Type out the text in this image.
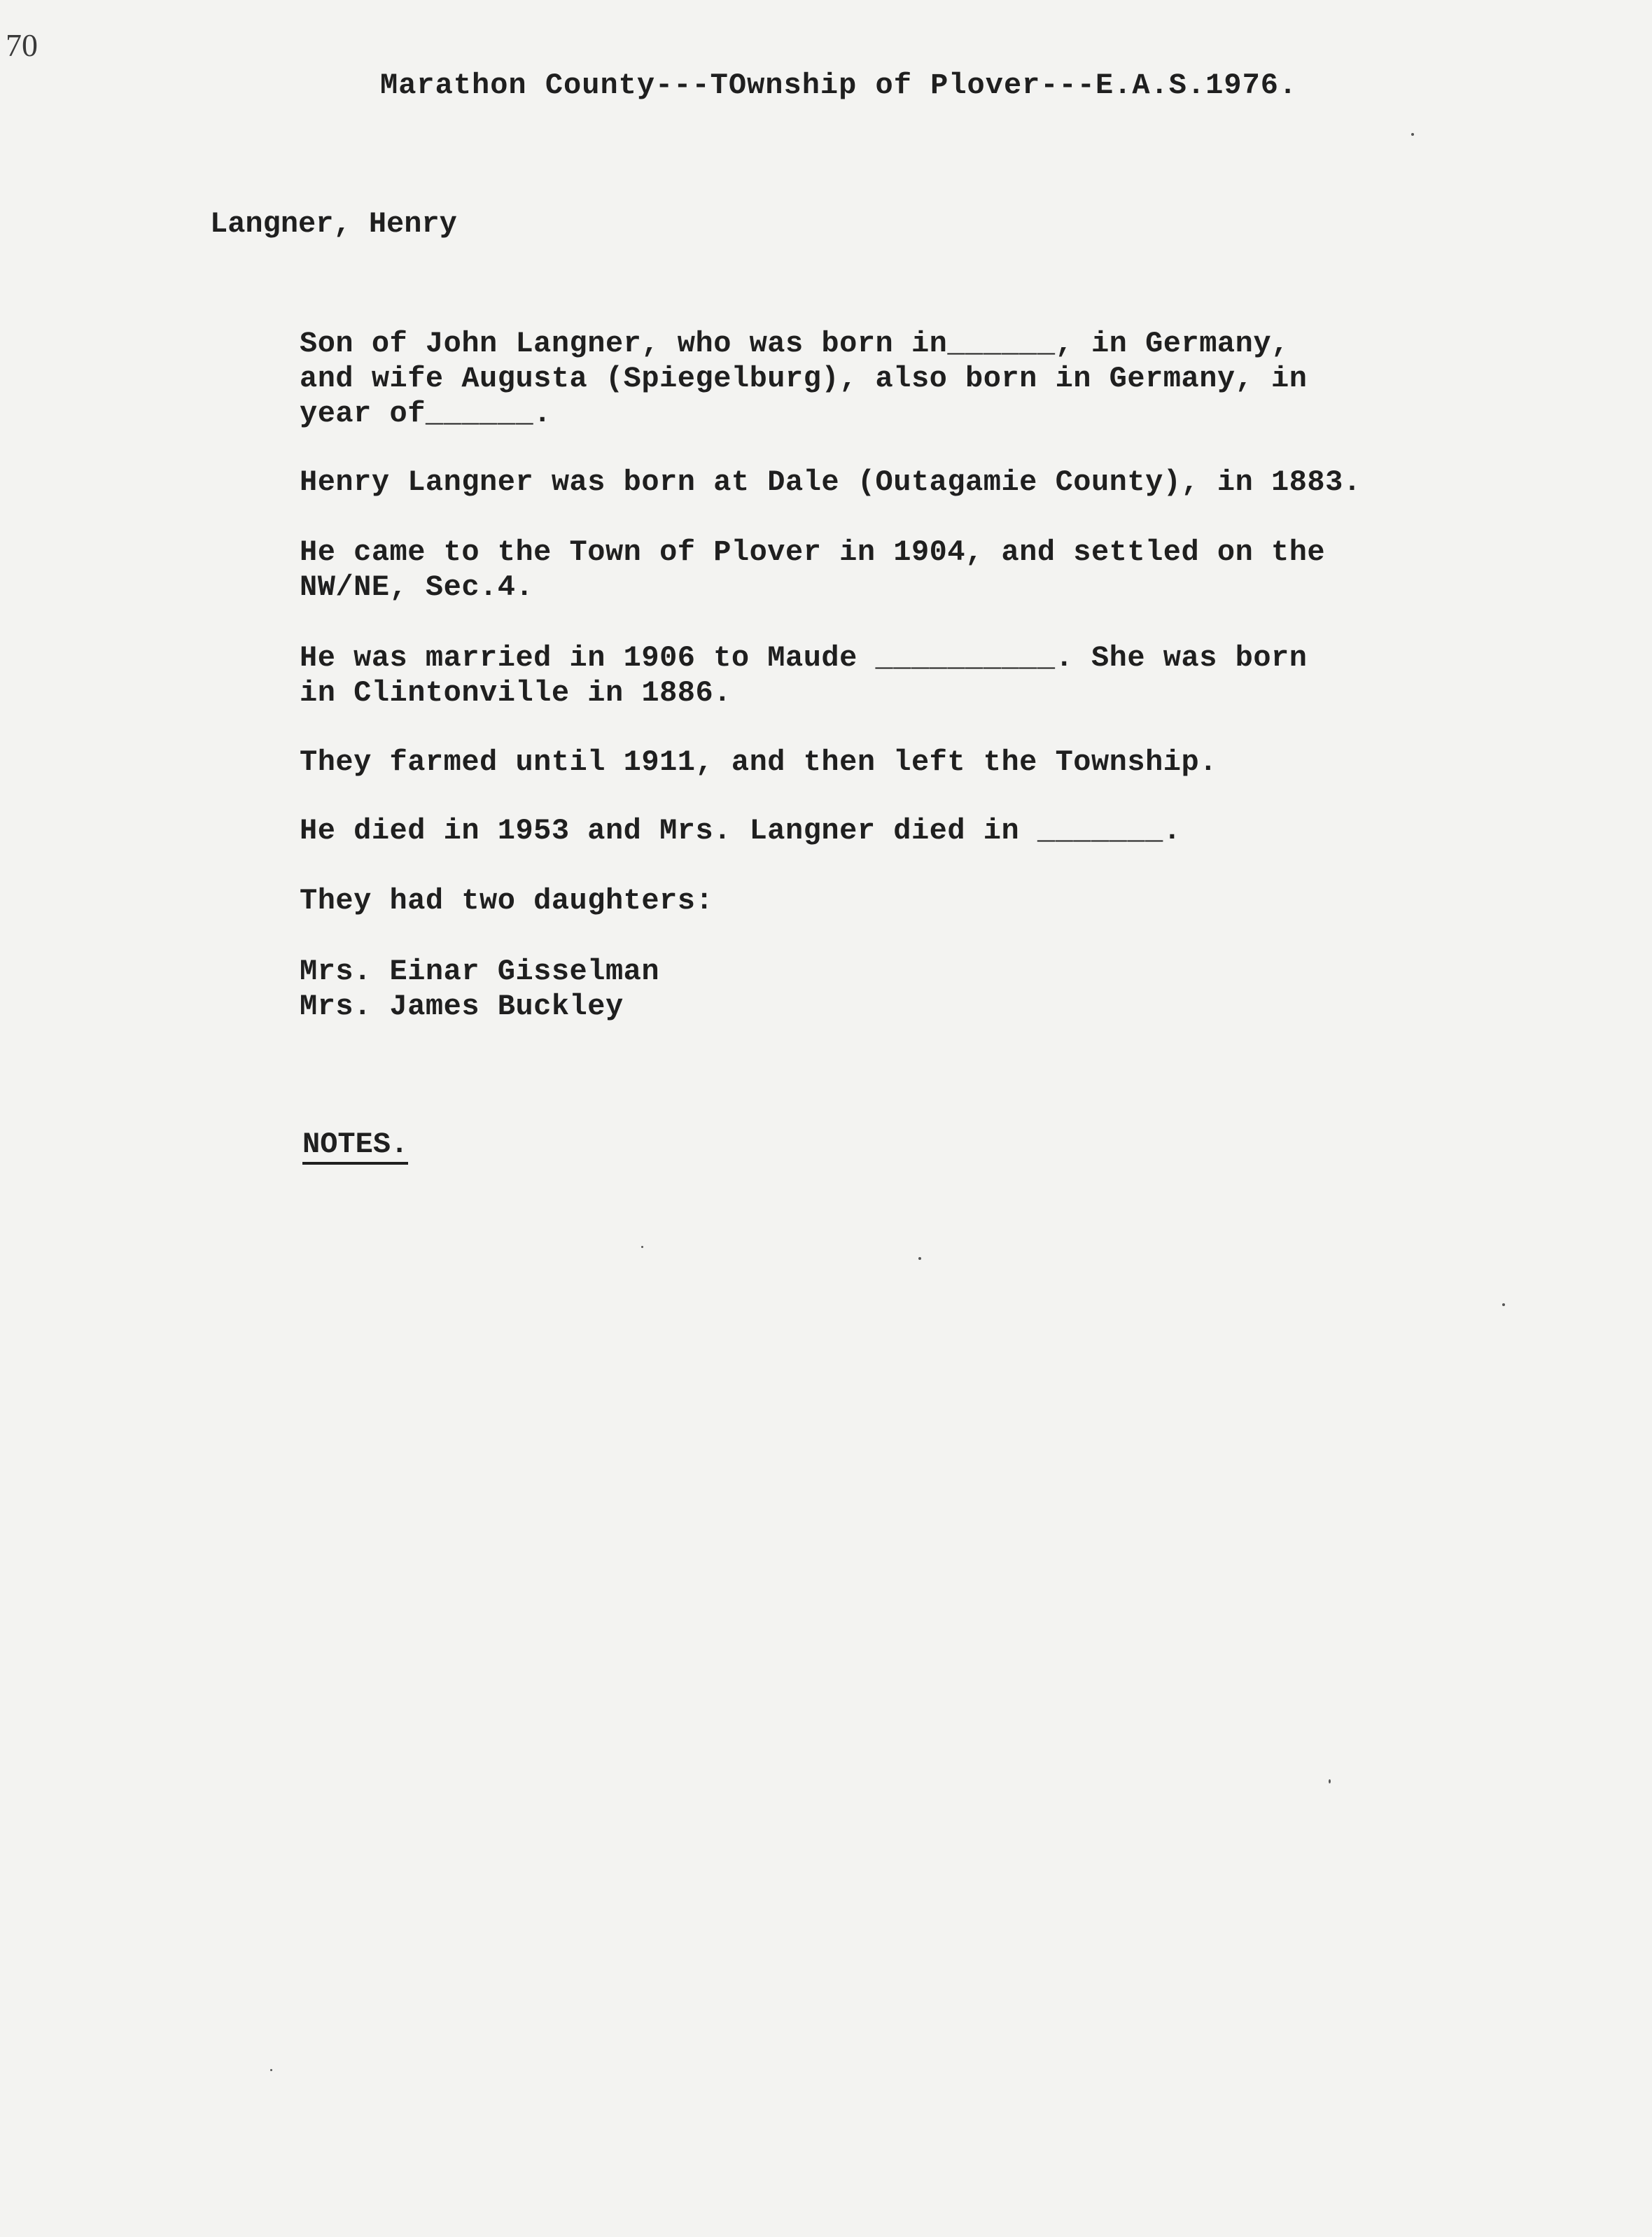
70
Marathon County---TOwnship of Plover---E.A.S.1976.
Langner, Henry
Son of John Langner, who was born in______, in Germany,
and wife Augusta (Spiegelburg), also born in Germany, in
year of______.
Henry Langner was born at Dale (Outagamie County), in 1883.
He came to the Town of Plover in 1904, and settled on the
NW/NE, Sec.4.
He was married in 1906 to Maude __________. She was born
in Clintonville in 1886.
They farmed until 1911, and then left the Township.
He died in 1953 and Mrs. Langner died in _______.
They had two daughters:
Mrs. Einar Gisselman
Mrs. James Buckley
NOTES.
